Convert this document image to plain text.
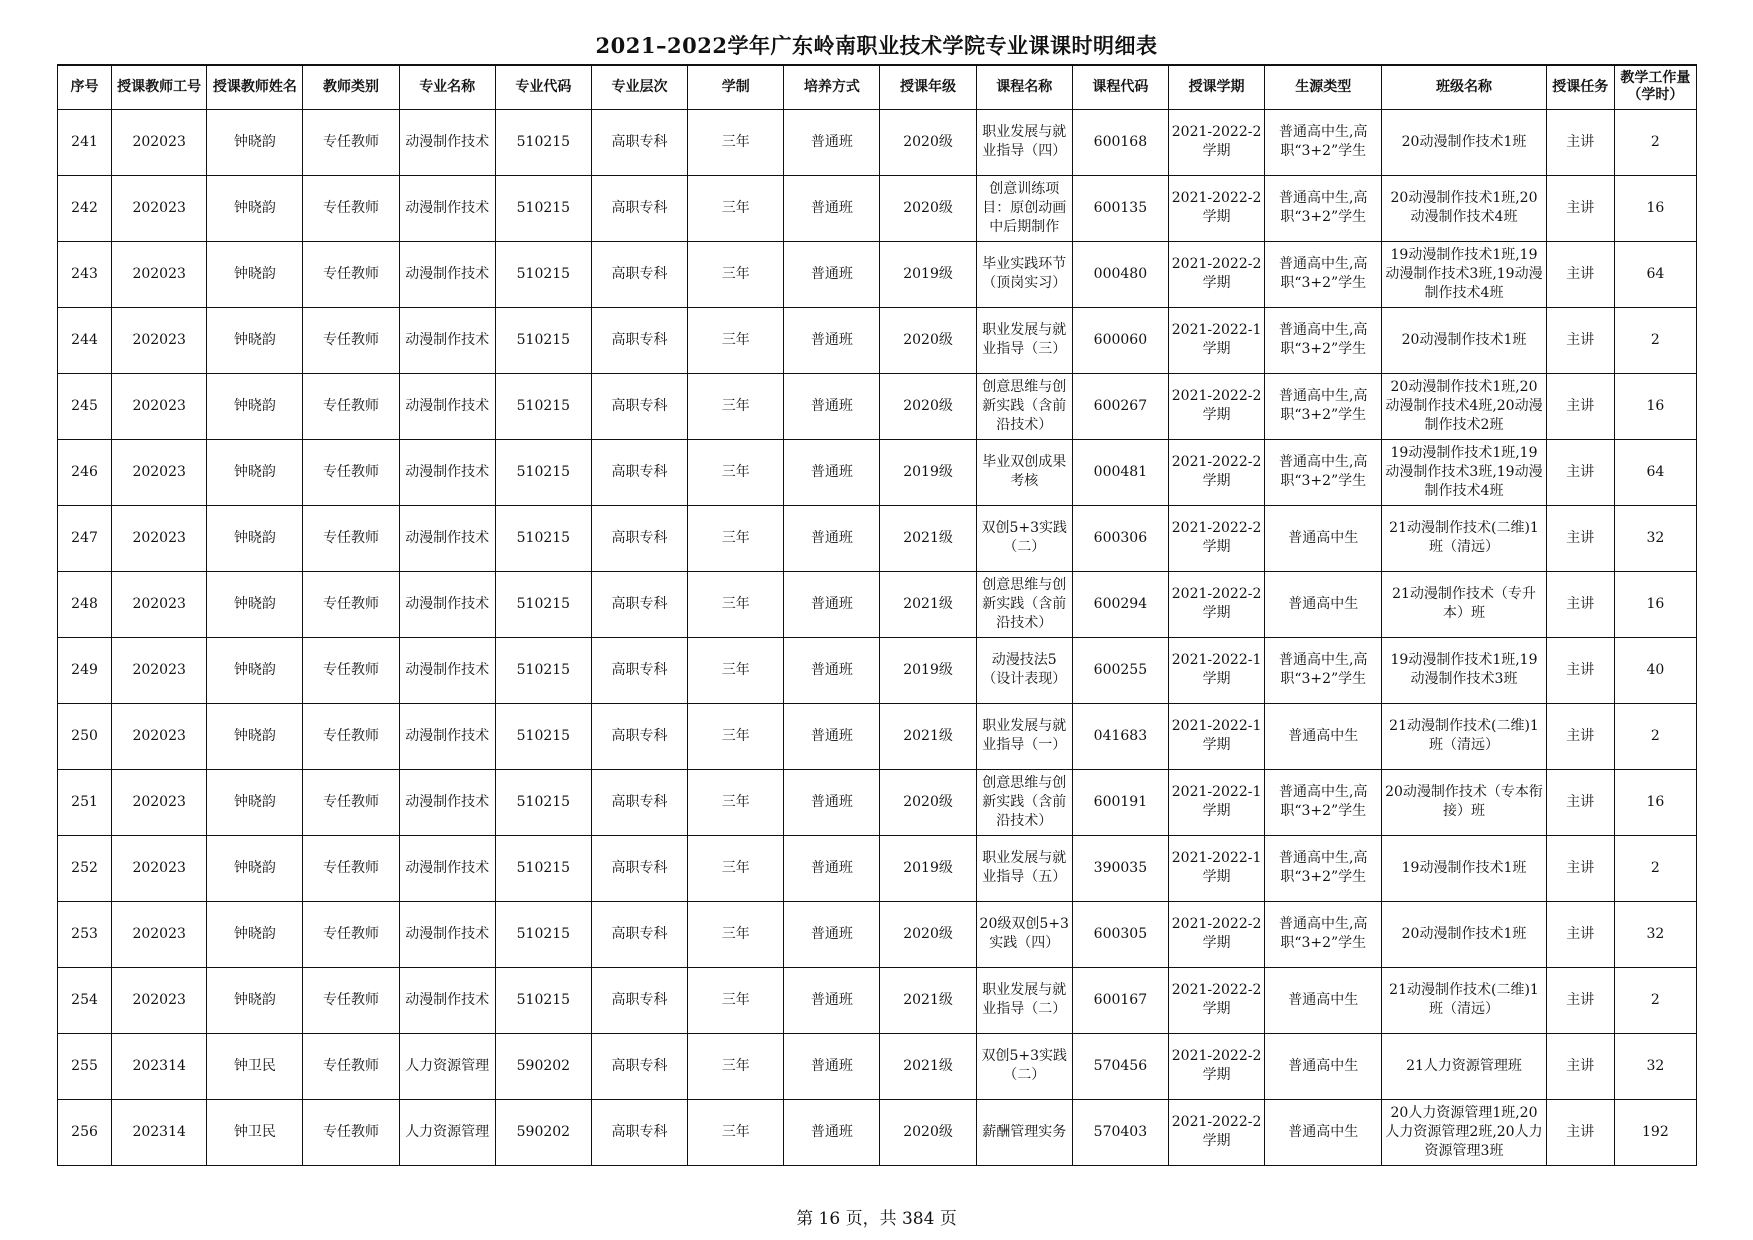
2021–2022学年广东岭南职业技术学院专业课课时明细表
序号	授课教师工号	授课教师姓名	教师类别	专业名称	专业代码	专业层次	学制	培养方式	授课年级	课程名称	课程代码	授课学期	生源类型	班级名称	授课任务	教学工作量（学时）

241	202023	钟晓韵	专任教师	动漫制作技术	510215	高职专科	三年	普通班	2020级	职业发展与就业指导（四）	600168	2021-2022-2学期	普通高中生,高职“3+2”学生	20动漫制作技术1班	主讲	2

242	202023	钟晓韵	专任教师	动漫制作技术	510215	高职专科	三年	普通班	2020级	创意训练项目：原创动画中后期制作	600135	2021-2022-2学期	普通高中生,高职“3+2”学生	20动漫制作技术1班,20动漫制作技术4班	主讲	16

243	202023	钟晓韵	专任教师	动漫制作技术	510215	高职专科	三年	普通班	2019级	毕业实践环节（顶岗实习）	000480	2021-2022-2学期	普通高中生,高职“3+2”学生	19动漫制作技术1班,19动漫制作技术3班,19动漫制作技术4班	主讲	64

244	202023	钟晓韵	专任教师	动漫制作技术	510215	高职专科	三年	普通班	2020级	职业发展与就业指导（三）	600060	2021-2022-1学期	普通高中生,高职“3+2”学生	20动漫制作技术1班	主讲	2

245	202023	钟晓韵	专任教师	动漫制作技术	510215	高职专科	三年	普通班	2020级	创意思维与创新实践（含前沿技术）	600267	2021-2022-2学期	普通高中生,高职“3+2”学生	20动漫制作技术1班,20动漫制作技术4班,20动漫制作技术2班	主讲	16

246	202023	钟晓韵	专任教师	动漫制作技术	510215	高职专科	三年	普通班	2019级	毕业双创成果考核	000481	2021-2022-2学期	普通高中生,高职“3+2”学生	19动漫制作技术1班,19动漫制作技术3班,19动漫制作技术4班	主讲	64

247	202023	钟晓韵	专任教师	动漫制作技术	510215	高职专科	三年	普通班	2021级	双创5+3实践（二）	600306	2021-2022-2学期	普通高中生	21动漫制作技术(二维)1班（清远）	主讲	32

248	202023	钟晓韵	专任教师	动漫制作技术	510215	高职专科	三年	普通班	2021级	创意思维与创新实践（含前沿技术）	600294	2021-2022-2学期	普通高中生	21动漫制作技术（专升本）班	主讲	16

249	202023	钟晓韵	专任教师	动漫制作技术	510215	高职专科	三年	普通班	2019级	动漫技法5（设计表现）	600255	2021-2022-1学期	普通高中生,高职“3+2”学生	19动漫制作技术1班,19动漫制作技术3班	主讲	40

250	202023	钟晓韵	专任教师	动漫制作技术	510215	高职专科	三年	普通班	2021级	职业发展与就业指导（一）	041683	2021-2022-1学期	普通高中生	21动漫制作技术(二维)1班（清远）	主讲	2

251	202023	钟晓韵	专任教师	动漫制作技术	510215	高职专科	三年	普通班	2020级	创意思维与创新实践（含前沿技术）	600191	2021-2022-1学期	普通高中生,高职“3+2”学生	20动漫制作技术（专本衔接）班	主讲	16

252	202023	钟晓韵	专任教师	动漫制作技术	510215	高职专科	三年	普通班	2019级	职业发展与就业指导（五）	390035	2021-2022-1学期	普通高中生,高职“3+2”学生	19动漫制作技术1班	主讲	2

253	202023	钟晓韵	专任教师	动漫制作技术	510215	高职专科	三年	普通班	2020级	20级双创5+3实践（四）	600305	2021-2022-2学期	普通高中生,高职“3+2”学生	20动漫制作技术1班	主讲	32

254	202023	钟晓韵	专任教师	动漫制作技术	510215	高职专科	三年	普通班	2021级	职业发展与就业指导（二）	600167	2021-2022-2学期	普通高中生	21动漫制作技术(二维)1班（清远）	主讲	2

255	202314	钟卫民	专任教师	人力资源管理	590202	高职专科	三年	普通班	2021级	双创5+3实践（二）	570456	2021-2022-2学期	普通高中生	21人力资源管理班	主讲	32

256	202314	钟卫民	专任教师	人力资源管理	590202	高职专科	三年	普通班	2020级	薪酬管理实务	570403	2021-2022-2学期	普通高中生	20人力资源管理1班,20人力资源管理2班,20人力资源管理3班	主讲	192
第 16 页，共 384 页
